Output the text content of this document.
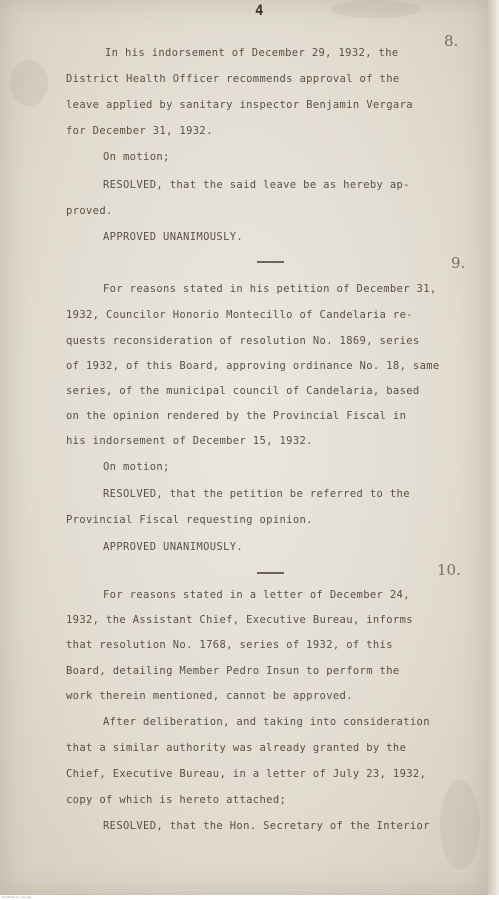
4
8.
In his indorsement of December 29, 1932, the
District Health Officer recommends approval of the
leave applied by sanitary inspector Benjamin Vergara
for December 31, 1932.
On motion;
RESOLVED, that the said leave be as hereby ap-
proved.
APPROVED UNANIMOUSLY.
9.
For reasons stated in his petition of December 31,
1932, Councilor Honorio Montecillo of Candelaria re-
quests reconsideration of resolution No. 1869, series
of 1932, of this Board, approving ordinance No. 18, same
series, of the municipal council of Candelaria, based
on the opinion rendered by the Provincial Fiscal in
his indorsement of December 15, 1932.
On motion;
RESOLVED, that the petition be referred to the
Provincial Fiscal requesting opinion.
APPROVED UNANIMOUSLY.
10.
For reasons stated in a letter of December 24,
1932, the Assistant Chief, Executive Bureau, informs
that resolution No. 1768, series of 1932, of this
Board, detailing Member Pedro Insun to perform the
work therein mentioned, cannot be approved.
After deliberation, and taking into consideration
that a similar authority was already granted by the
Chief, Executive Bureau, in a letter of July 23, 1932,
copy of which is hereto attached;
RESOLVED, that the Hon. Secretary of the Interior
Digitized by Google
